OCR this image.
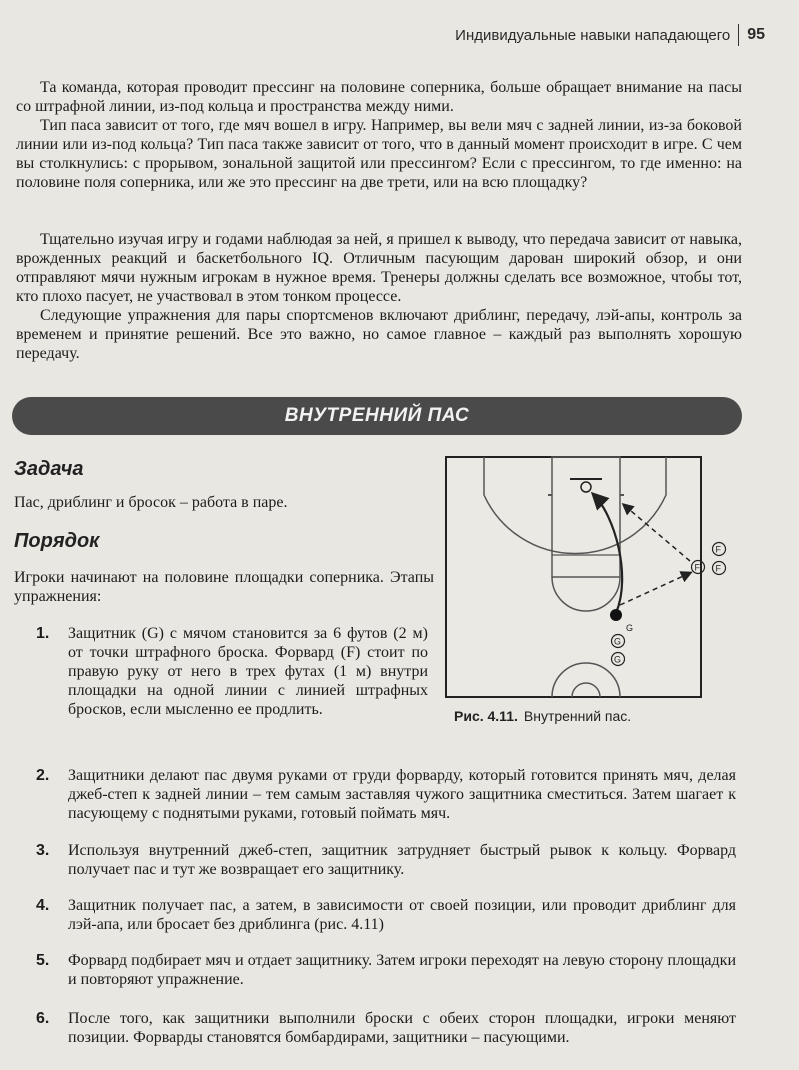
Индивидуальные навыки нападающего 95

Та команда, которая проводит прессинг на половине соперника, больше обращает внимание на пасы со штрафной линии, из-под кольца и пространства между ними.

Тип паса зависит от того, где мяч вошел в игру. Например, вы вели мяч с задней линии, из-за боковой линии или из-под кольца? Тип паса также зависит от того, что в данный момент происходит в игре. С чем вы столкнулись: с прорывом, зональной защитой или прессингом? Если с прессингом, то где именно: на половине поля соперника, или же это прессинг на две трети, или на всю площадку?

Тщательно изучая игру и годами наблюдая за ней, я пришел к выводу, что передача зависит от навыка, врожденных реакций и баскетбольного IQ. Отличным пасующим дарован широкий обзор, и они отправляют мячи нужным игрокам в нужное время. Тренеры должны сделать все возможное, чтобы тот, кто плохо пасует, не участвовал в этом тонком процессе.

Следующие упражнения для пары спортсменов включают дриблинг, передачу, лэй-апы, контроль за временем и принятие решений. Все это важно, но самое главное – каждый раз выполнять хорошую передачу.

ВНУТРЕННИЙ ПАС
Задача

Пас, дриблинг и бросок – работа в паре.

Порядок

Игроки начинают на половине площадки соперника. Этапы упражнения:

1. Защитник (G) с мячом становится за 6 футов (2 м) от точки штрафного броска. Форвард (F) стоит по правую руку от него в трех футах (1 м) внутри площадки на одной линии с линией штрафных бросков, если мысленно ее продлить.
2. Защитники делают пас двумя руками от груди форварду, который готовится принять мяч, делая джеб-степ к задней линии – тем самым заставляя чужого защитника сместиться. Затем шагает к пасующему с поднятыми руками, готовый поймать мяч.
3. Используя внутренний джеб-степ, защитник затрудняет быстрый рывок к кольцу. Форвард получает пас и тут же возвращает его защитнику.
4. Защитник получает пас, а затем, в зависимости от своей позиции, или проводит дриблинг для лэй-апа, или бросает без дриблинга (рис. 4.11)
5. Форвард подбирает мяч и отдает защитнику. Затем игроки переходят на левую сторону площадки и повторяют упражнение.
6. После того, как защитники выполнили броски с обеих сторон площадки, игроки меняют позиции. Форварды становятся бомбардирами, защитники – пасующими.
G
F
G
G
F
F
Рис. 4.11. Внутренний пас.
